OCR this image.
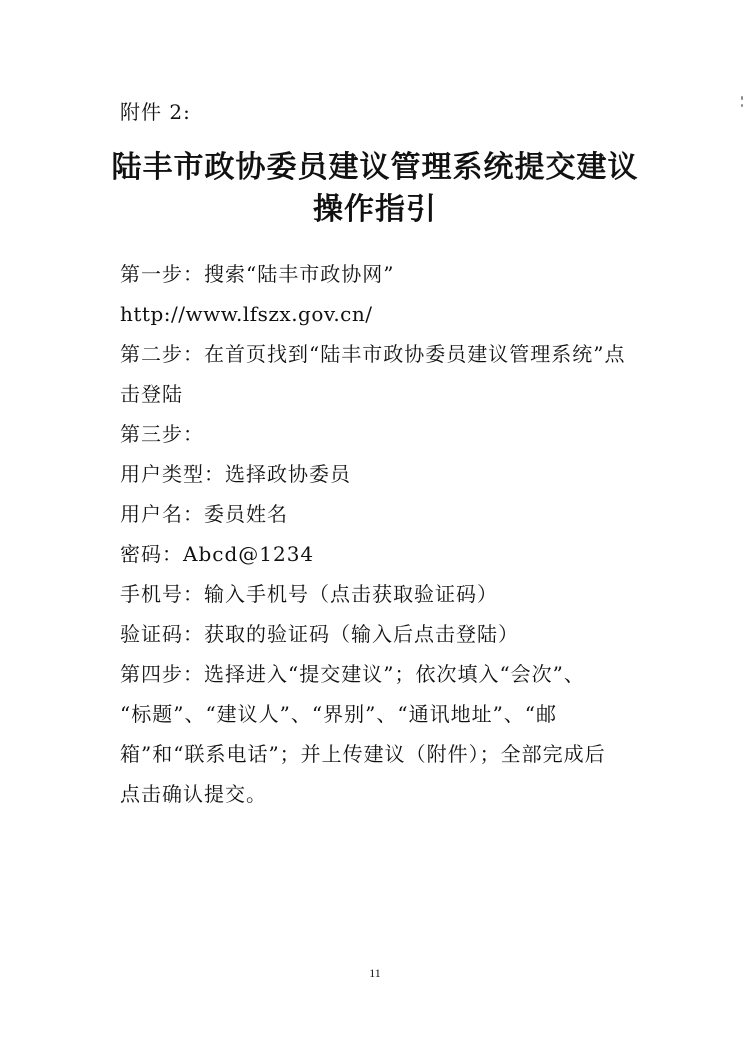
附件 2:
陆丰市政协委员建议管理系统提交建议
操作指引
第一步：搜索“陆丰市政协网”
http://www.lfszx.gov.cn/
第二步：在首页找到“陆丰市政协委员建议管理系统”点
击登陆
第三步：
用户类型：选择政协委员
用户名：委员姓名
密码：Abcd@1234
手机号：输入手机号（点击获取验证码）
验证码：获取的验证码（输入后点击登陆）
第四步：选择进入“提交建议”；依次填入“会次”、
“标题”、“建议人”、“界别”、“通讯地址”、“邮
箱”和“联系电话”；并上传建议（附件）；全部完成后
点击确认提交。
11
